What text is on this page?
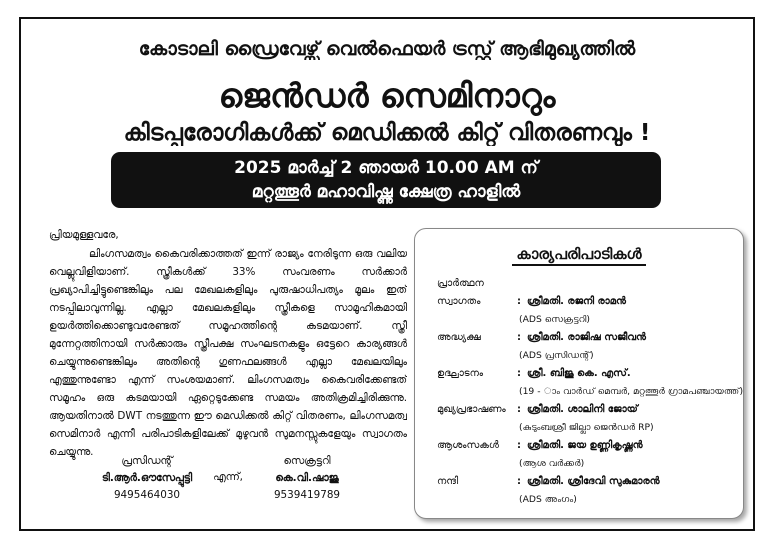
കോടാലി ഡ്രൈവേഴ്സ് വെൽഫെയർ ട്രസ്റ്റ് ആഭിമുഖ്യത്തിൽ
ജെൻഡർ സെമിനാറും
കിടപ്പുരോഗികൾക്ക് മെഡിക്കൽ കിറ്റ് വിതരണവും !
2025 മാർച്ച് 2 ഞായർ 10.00 AM ന്
മറ്റത്തൂർ മഹാവിഷ്ണു ക്ഷേത്ര ഹാളിൽ
പ്രിയമുള്ളവരേ,
ലിംഗസമത്വം കൈവരിക്കാത്തത് ഇന്ന് രാജ്യം നേരിടുന്ന ഒരു വലിയ വെല്ലുവിളിയാണ്. സ്ത്രീകൾക്ക് 33% സംവരണം സർക്കാർ പ്രഖ്യാപിച്ചിട്ടുണ്ടെങ്കിലും പല മേഖലകളിലും പുരുഷാധിപത്യം മൂലം ഇത് നടപ്പിലാവുന്നില്ല. എല്ലാ മേഖലകളിലും സ്ത്രീകളെ സാമൂഹികമായി ഉയർത്തിക്കൊണ്ടുവരേണ്ടത് സമൂഹത്തിന്റെ കടമയാണ്. സ്ത്രീ മുന്നേറ്റത്തിനായി സർക്കാരും സ്ത്രീപക്ഷ സംഘടനകളും ഒട്ടേറെ കാര്യങ്ങൾ ചെയ്യുന്നുണ്ടെങ്കിലും അതിന്റെ ഗുണഫലങ്ങൾ എല്ലാ മേഖലയിലും എത്തുന്നുണ്ടോ എന്ന് സംശയമാണ്. ലിംഗസമത്വം കൈവരിക്കേണ്ടത് സമൂഹം ഒരു കടമയായി ഏറ്റെടുക്കേണ്ട സമയം അതിക്രമിച്ചിരിക്കുന്നു. ആയതിനാൽ DWT നടത്തുന്ന ഈ മെഡിക്കൽ കിറ്റ് വിതരണം, ലിംഗസമത്വ സെമിനാർ എന്നീ പരിപാടികളിലേക്ക് മുഴുവൻ സുമനസ്സുകളേയും സ്വാഗതം ചെയ്യുന്നു.
എന്ന്,
പ്രസിഡന്റ്
ടി.ആർ.ഔസേപ്പുട്ടി
9495464030
സെക്രട്ടറി
കെ.വി.ഷാജു
9539419789
കാര്യപരിപാടികൾ
പ്രാർത്ഥന
സ്വാഗതം	: ശ്രീമതി. രജനി രാമൻ
(ADS സെക്രട്ടറി)
അദ്ധ്യക്ഷ	: ശ്രീമതി. രാജിഷ സജീവൻ
(ADS പ്രസിഡന്റ്)
ഉദ്ഘാടനം	: ശ്രീ. ബിജു കെ. എസ്.
(19 - ാം വാർഡ് മെമ്പർ, മറ്റത്തൂർ ഗ്രാമപഞ്ചായത്ത്)
മുഖ്യപ്രഭാഷണം	: ശ്രീമതി. ശാലിനി ജോയ്
(കുടുംബശ്രീ ജില്ലാ ജെൻഡർ RP)
ആശംസകൾ	: ശ്രീമതി. ജയ ഉണ്ണികൃഷ്ണൻ
(ആശ വർക്കർ)
നന്ദി	: ശ്രീമതി. ശ്രീദേവി സുകുമാരൻ
(ADS അംഗം)
